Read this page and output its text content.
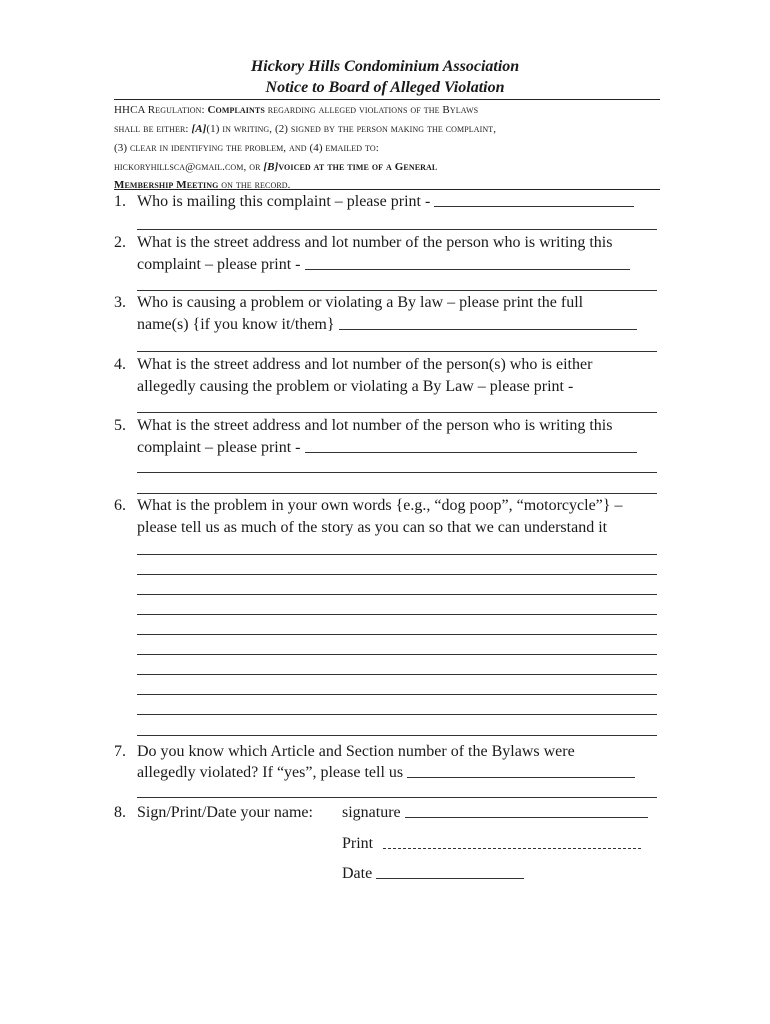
Hickory Hills Condominium Association
Notice to Board of Alleged Violation
HHCA Regulation: Complaints regarding alleged violations of the Bylaws
shall be either: [A](1) in writing, (2) signed by the person making the complaint,
(3) clear in identifying the problem, and (4) emailed to:
hickoryhillsca@gmail.com, or [B]voiced at the time of a General
Membership Meeting on the record.
1. Who is mailing this complaint – please print -
2. What is the street address and lot number of the person who is writing this
complaint – please print -
3. Who is causing a problem or violating a By law – please print the full
name(s) {if you know it/them}
4. What is the street address and lot number of the person(s) who is either
allegedly causing the problem or violating a By Law – please print -
5. What is the street address and lot number of the person who is writing this
complaint – please print -
6. What is the problem in your own words {e.g., “dog poop”, “motorcycle”} –
please tell us as much of the story as you can so that we can understand it
7. Do you know which Article and Section number of the Bylaws were
allegedly violated? If “yes”, please tell us
8. Sign/Print/Date your name:	signature
Print
Date
